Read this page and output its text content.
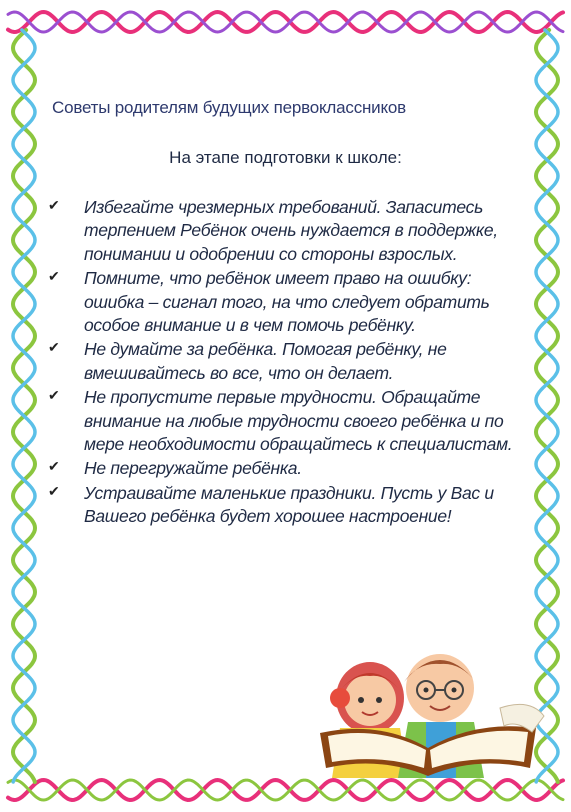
Советы родителям будущих первоклассников
На этапе подготовки к школе:
✔ Избегайте чрезмерных требований. Запаситесь терпением Ребёнок очень нуждается в поддержке, понимании и одобрении со стороны взрослых.
✔ Помните, что ребёнок имеет право на ошибку: ошибка – сигнал того, на что следует обратить особое внимание и в чем помочь ребёнку.
✔ Не думайте за ребёнка. Помогая ребёнку, не вмешивайтесь во все, что он делает.
✔ Не пропустите первые трудности. Обращайте внимание на любые трудности своего ребёнка и по мере необходимости обращайтесь к специалистам.
✔ Не перегружайте ребёнка.
✔ Устраивайте маленькие праздники. Пусть у Вас и Вашего ребёнка будет хорошее настроение!
